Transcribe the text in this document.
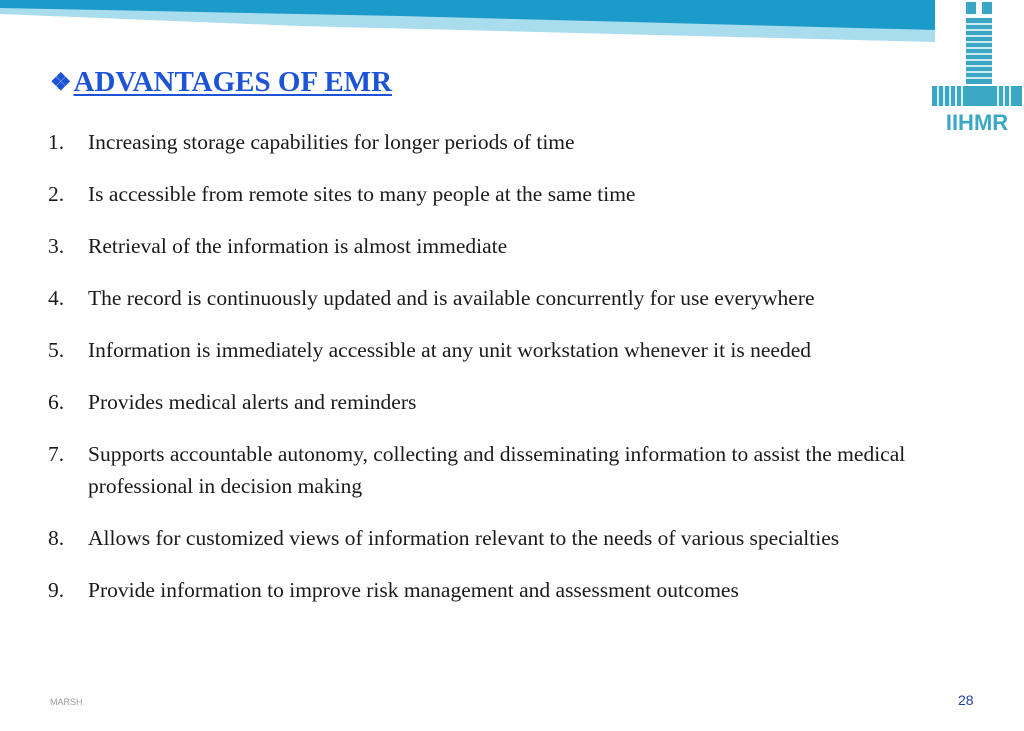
IIHMR
❖ ADVANTAGES OF EMR
1.	Increasing storage capabilities for longer periods of time
2.	Is accessible from remote sites to many people at the same time
3.	Retrieval of the information is almost immediate
4.	The record is continuously updated and is available concurrently for use everywhere
5.	Information is immediately accessible at any unit workstation whenever it is needed
6.	Provides medical alerts and reminders
7.	Supports accountable autonomy, collecting and disseminating information to assist the medical professional in decision making
8.	Allows for customized views of information relevant to the needs of various specialties
9.	Provide information to improve risk management and assessment outcomes
MARSH	28
